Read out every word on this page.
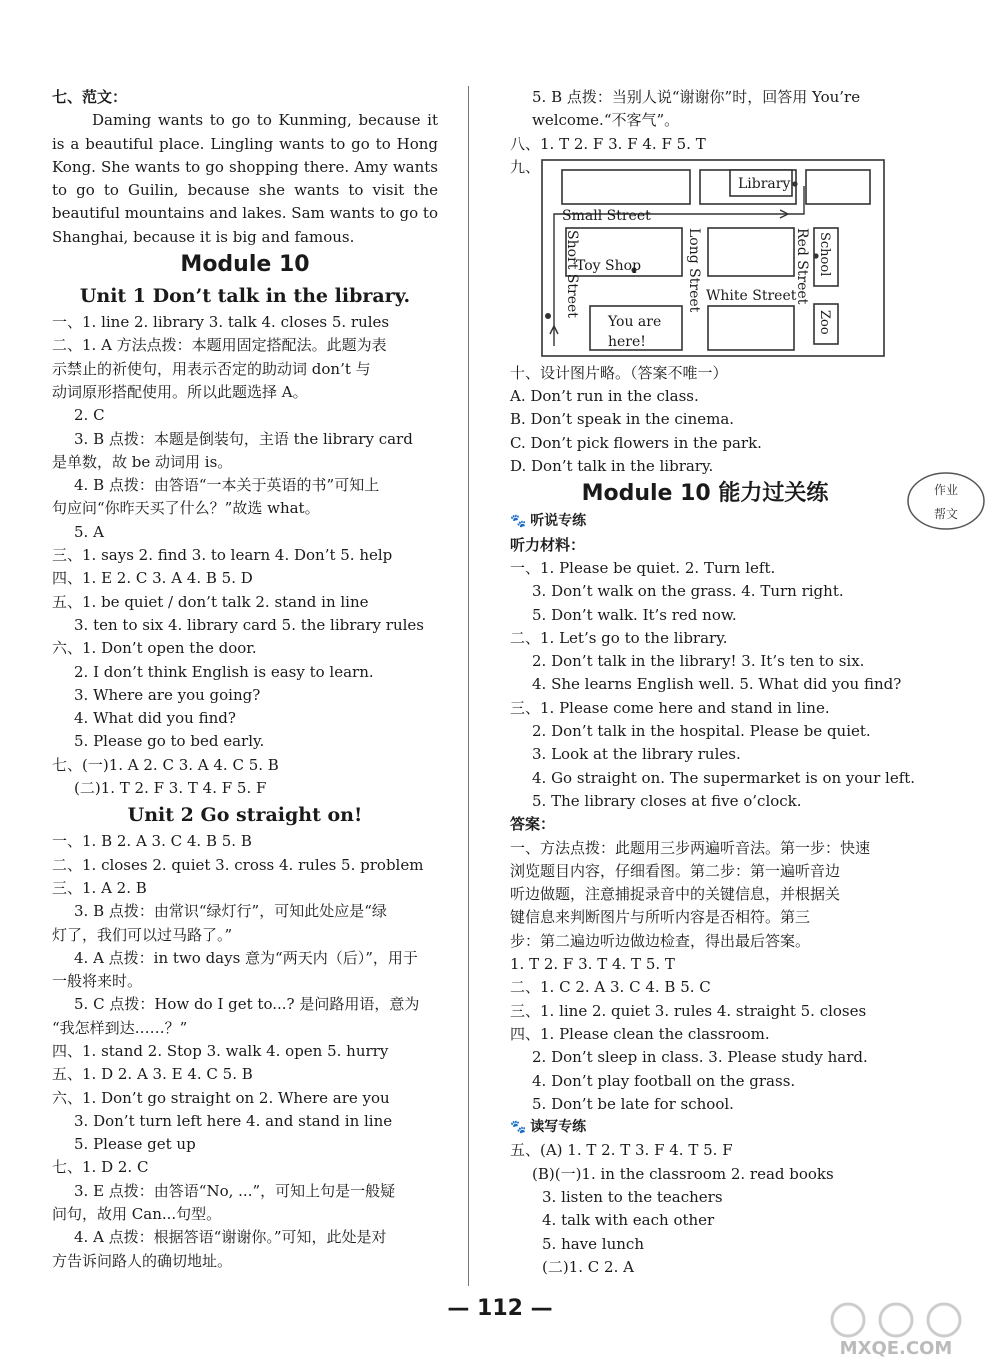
七、范文：

Daming wants to go to Kunming, because it is a beautiful place. Lingling wants to go to Hong Kong. She wants to go shopping there. Amy wants to go to Guilin, because she wants to visit the beautiful mountains and lakes. Sam wants to go to Shanghai, because it is big and famous.

Module 10
Unit 1 Don’t talk in the library.
一、1. line 2. library 3. talk 4. closes 5. rules
二、1. A 方法点拨：本题用固定搭配法。此题为表
示禁止的祈使句，用表示否定的助动词 don’t 与
动词原形搭配使用。所以此题选择 A。
2. C
3. B 点拨：本题是倒装句，主语 the library card
是单数，故 be 动词用 is。
4. B 点拨：由答语“一本关于英语的书”可知上
句应问“你昨天买了什么？”故选 what。
5. A
三、1. says 2. find 3. to learn 4. Don’t 5. help
四、1. E 2. C 3. A 4. B 5. D
五、1. be quiet / don’t talk 2. stand in line
3. ten to six 4. library card 5. the library rules
六、1. Don’t open the door.
2. I don’t think English is easy to learn.
3. Where are you going?
4. What did you find?
5. Please go to bed early.
七、(一)1. A 2. C 3. A 4. C 5. B
(二)1. T 2. F 3. T 4. F 5. F
Unit 2 Go straight on!
一、1. B 2. A 3. C 4. B 5. B
二、1. closes 2. quiet 3. cross 4. rules 5. problem
三、1. A 2. B
3. B 点拨：由常识“绿灯行”，可知此处应是“绿
灯了，我们可以过马路了。”
4. A 点拨：in two days 意为“两天内（后）”，用于
一般将来时。
5. C 点拨：How do I get to...? 是问路用语，意为
“我怎样到达……？”
四、1. stand 2. Stop 3. walk 4. open 5. hurry
五、1. D 2. A 3. E 4. C 5. B
六、1. Don’t go straight on 2. Where are you
3. Don’t turn left here 4. and stand in line
5. Please get up
七、1. D 2. C
3. E 点拨：由答语“No, ...”，可知上句是一般疑
问句，故用 Can...句型。
4. A 点拨：根据答语“谢谢你。”可知，此处是对
方告诉问路人的确切地址。
5. B 点拨：当别人说“谢谢你”时，回答用 You’re
welcome.“不客气”。
八、1. T 2. F 3. F 4. F 5. T
九、
Library
Small Street
Toy Shop
White Street
You are
here!
Short Street	Long Street	Red Street School
Zoo
十、设计图片略。（答案不唯一）
A. Don’t run in the class.
B. Don’t speak in the cinema.
C. Don’t pick flowers in the park.
D. Don’t talk in the library.
Module 10 能力过关练
🐾 听说专练
听力材料：
一、1. Please be quiet. 2. Turn left.
3. Don’t walk on the grass. 4. Turn right.
5. Don’t walk. It’s red now.
二、1. Let’s go to the library.
2. Don’t talk in the library! 3. It’s ten to six.
4. She learns English well. 5. What did you find?
三、1. Please come here and stand in line.
2. Don’t talk in the hospital. Please be quiet.
3. Look at the library rules.
4. Go straight on. The supermarket is on your left.
5. The library closes at five o’clock.
答案：
一、方法点拨：此题用三步两遍听音法。第一步：快速
浏览题目内容，仔细看图。第二步：第一遍听音边
听边做题，注意捕捉录音中的关键信息，并根据关
键信息来判断图片与所听内容是否相符。第三
步：第二遍边听边做边检查，得出最后答案。
1. T 2. F 3. T 4. T 5. T
二、1. C 2. A 3. C 4. B 5. C
三、1. line 2. quiet 3. rules 4. straight 5. closes
四、1. Please clean the classroom.
2. Don’t sleep in class. 3. Please study hard.
4. Don’t play football on the grass.
5. Don’t be late for school.
🐾 读写专练
五、(A) 1. T 2. T 3. F 4. T 5. F
(B)(一)1. in the classroom 2. read books
3. listen to the teachers
4. talk with each other
5. have lunch
(二)1. C 2. A
作业
帮文
— 112 —
MXQE.COM
